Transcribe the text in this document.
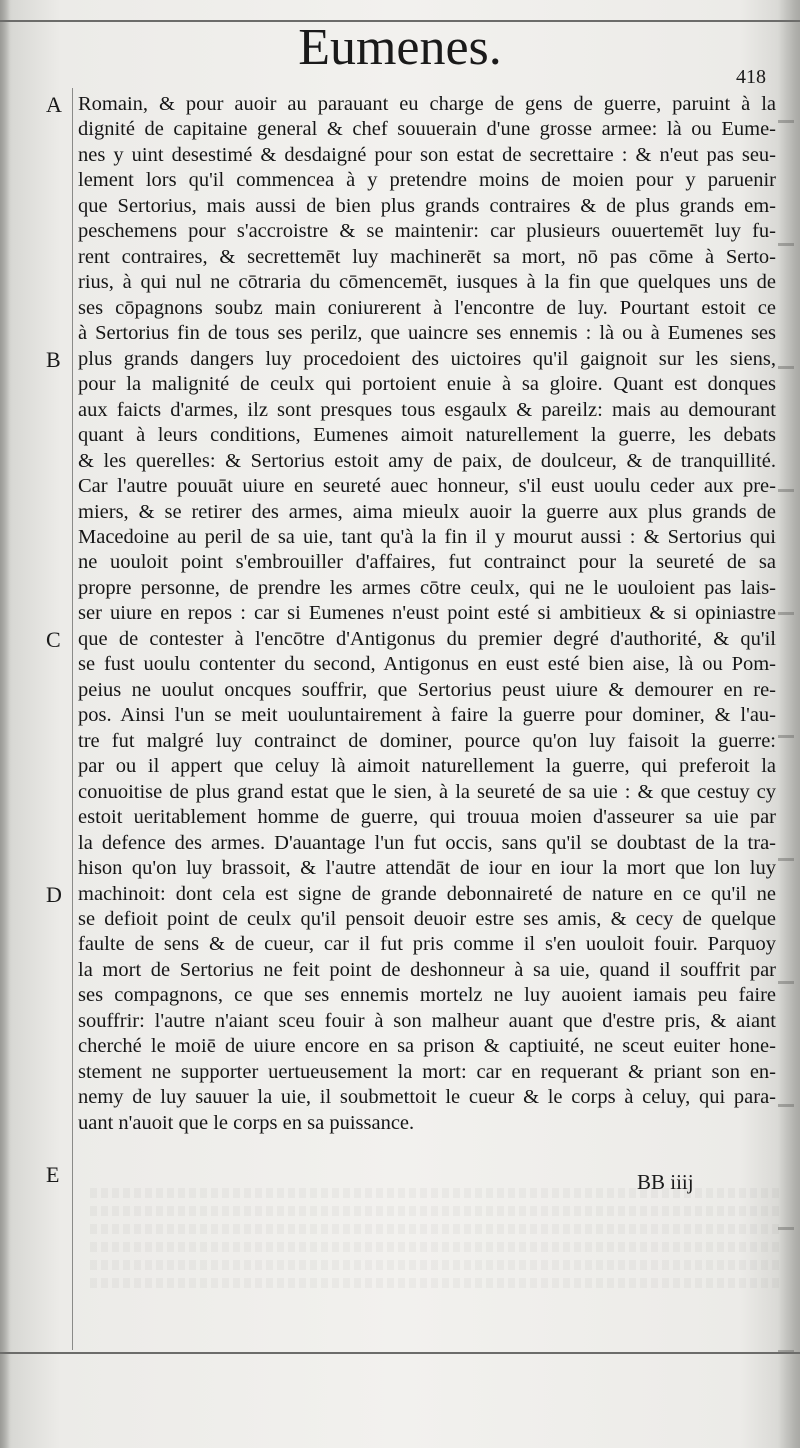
Eumenes.
418
A
B
C
D
E
Romain, & pour auoir au parauant eu charge de gens de guerre, paruint à la
dignité de capitaine general & chef souuerain d'une grosse armee: là ou Eume-
nes y uint desestimé & desdaigné pour son estat de secrettaire : & n'eut pas seu-
lement lors qu'il commencea à y pretendre moins de moien pour y paruenir
que Sertorius, mais aussi de bien plus grands contraires & de plus grands em-
peschemens pour s'accroistre & se maintenir: car plusieurs ouuertemēt luy fu-
rent contraires, & secrettemēt luy machinerēt sa mort, nō pas cōme à Serto-
rius, à qui nul ne cōtraria du cōmencemēt, iusques à la fin que quelques uns de
ses cōpagnons soubz main coniurerent à l'encontre de luy. Pourtant estoit ce
à Sertorius fin de tous ses perilz, que uaincre ses ennemis : là ou à Eumenes ses
plus grands dangers luy procedoient des uictoires qu'il gaignoit sur les siens,
pour la malignité de ceulx qui portoient enuie à sa gloire. Quant est donques
aux faicts d'armes, ilz sont presques tous esgaulx & pareilz: mais au demourant
quant à leurs conditions, Eumenes aimoit naturellement la guerre, les debats
& les querelles: & Sertorius estoit amy de paix, de doulceur, & de tranquillité.
Car l'autre pouuāt uiure en seureté auec honneur, s'il eust uoulu ceder aux pre-
miers, & se retirer des armes, aima mieulx auoir la guerre aux plus grands de
Macedoine au peril de sa uie, tant qu'à la fin il y mourut aussi : & Sertorius qui
ne uouloit point s'embrouiller d'affaires, fut contrainct pour la seureté de sa
propre personne, de prendre les armes cōtre ceulx, qui ne le uouloient pas lais-
ser uiure en repos : car si Eumenes n'eust point esté si ambitieux & si opiniastre
que de contester à l'encōtre d'Antigonus du premier degré d'authorité, & qu'il
se fust uoulu contenter du second, Antigonus en eust esté bien aise, là ou Pom-
peius ne uoulut oncques souffrir, que Sertorius peust uiure & demourer en re-
pos. Ainsi l'un se meit uouluntairement à faire la guerre pour dominer, & l'au-
tre fut malgré luy contrainct de dominer, pource qu'on luy faisoit la guerre:
par ou il appert que celuy là aimoit naturellement la guerre, qui preferoit la
conuoitise de plus grand estat que le sien, à la seureté de sa uie : & que cestuy cy
estoit ueritablement homme de guerre, qui trouua moien d'asseurer sa uie par
la defence des armes. D'auantage l'un fut occis, sans qu'il se doubtast de la tra-
hison qu'on luy brassoit, & l'autre attendāt de iour en iour la mort que lon luy
machinoit: dont cela est signe de grande debonnaireté de nature en ce qu'il ne
se defioit point de ceulx qu'il pensoit deuoir estre ses amis, & cecy de quelque
faulte de sens & de cueur, car il fut pris comme il s'en uouloit fouir. Parquoy
la mort de Sertorius ne feit point de deshonneur à sa uie, quand il souffrit par
ses compagnons, ce que ses ennemis mortelz ne luy auoient iamais peu faire
souffrir: l'autre n'aiant sceu fouir à son malheur auant que d'estre pris, & aiant
cherché le moiē de uiure encore en sa prison & captiuité, ne sceut euiter hone-
stement ne supporter uertueusement la mort: car en requerant & priant son en-
nemy de luy sauuer la uie, il soubmettoit le cueur & le corps à celuy, qui para-
uant n'auoit que le corps en sa puissance.
BB iiij
